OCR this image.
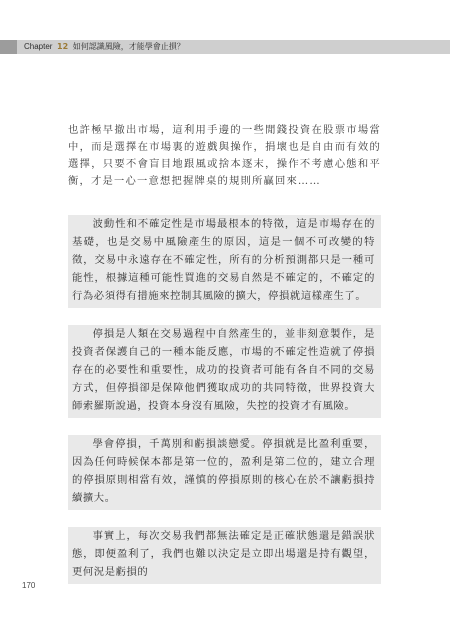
Chapter 12 如何認識風險，才能學會止損？

也許極早撤出市場，這利用手邊的一些閒錢投資在股票市場當中，而是選擇在市場裏的遊戲與操作，捐壞也是自由而有效的選擇，只要不會盲目地跟風或捨本逐末，操作不考慮心態和平衡，才是一心一意想把握牌桌的規則所贏回來……

波動性和不確定性是市場最根本的特徵，這是市場存在的基礎，也是交易中風險產生的原因，這是一個不可改變的特徵，交易中永遠存在不確定性，所有的分析預測都只是一種可能性，根據這種可能性買進的交易自然是不確定的，不確定的行為必須得有措施來控制其風險的擴大，停損就這樣產生了。

停損是人類在交易過程中自然產生的，並非刻意製作，是投資者保護自己的一種本能反應，市場的不確定性造就了停損存在的必要性和重要性，成功的投資者可能有各自不同的交易方式，但停損卻是保障他們獲取成功的共同特徵，世界投資大師索羅斯說過，投資本身沒有風險，失控的投資才有風險。

學會停損，千萬別和虧損談戀愛。停損就是比盈利重要，因為任何時候保本都是第一位的，盈利是第二位的，建立合理的停損原則相當有效，謹慎的停損原則的核心在於不讓虧損持續擴大。

事實上，每次交易我們都無法確定是正確狀態還是錯誤狀態，即便盈利了，我們也難以決定是立即出場還是持有觀望，更何況是虧損的

170
